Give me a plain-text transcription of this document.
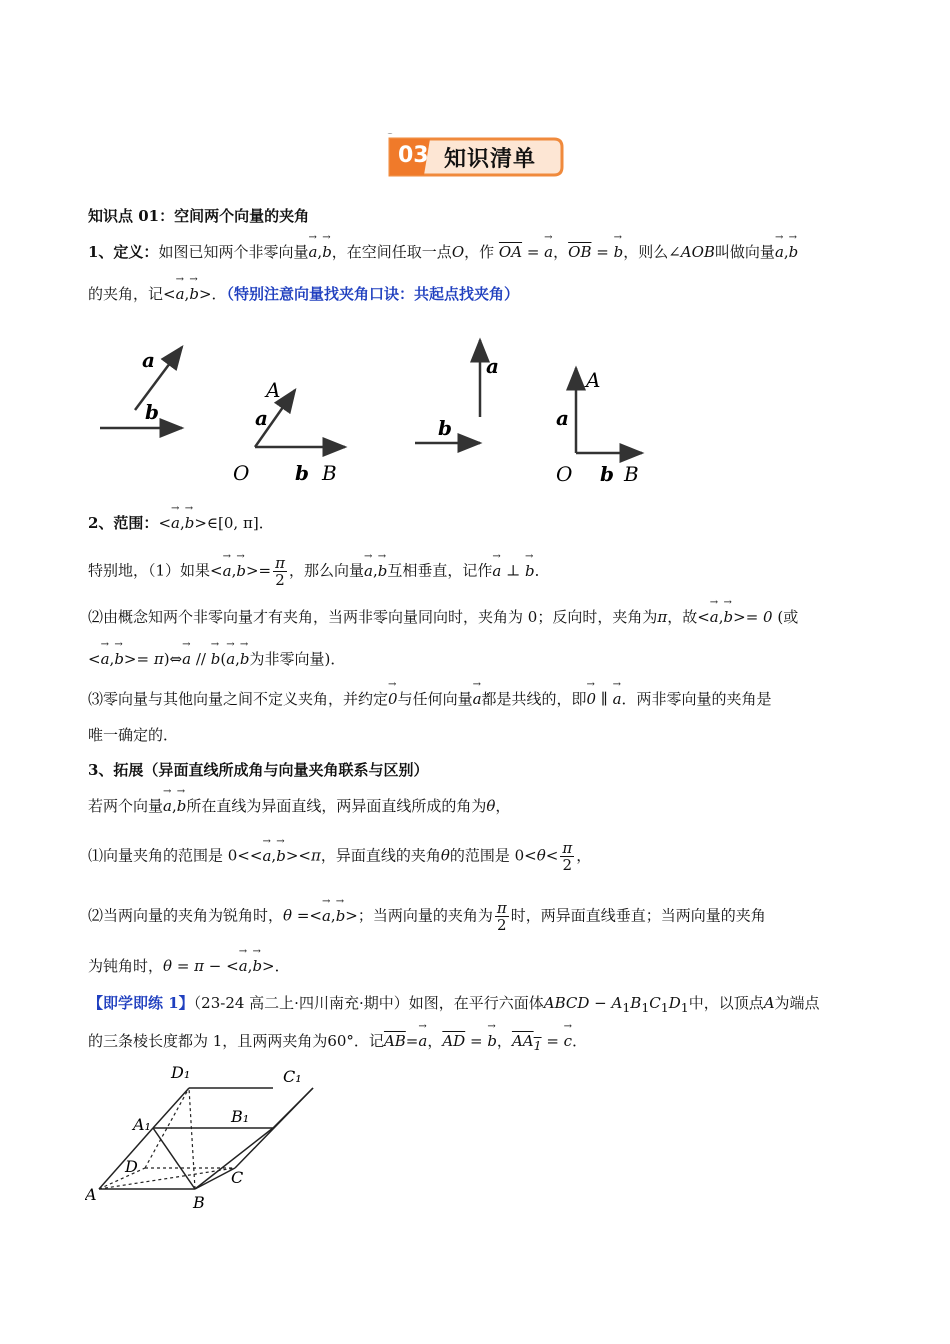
03 知识清单
知识点 01：空间两个向量的夹角
1、定义：如图已知两个非零向量→ a,→ b，在空间任取一点O，作 $\overline{OA}$ = → a，$\overline{OB}$ = → b，则么∠AOB叫做向量→ a,→ b
的夹角，记<→ a,→ b>．（特别注意向量找夹角口诀：共起点找夹角）
a
b
A
a
O b B
a
b
A
a
O b B
2、范围：<→ a,→ b>∈[0, π]．
特别地，（1）如果<→ $a,\to b>= \frac{\pi}{2}$ ，那么向量→ a,→ b互相垂直，记作→ a ⊥ → b．
⑵由概念知两个非零向量才有夹角，当两非零向量同向时，夹角为 0；反向时，夹角为π，故<→ a,→ b>= 0 (或
<→ a,→ b>= π)⇔→ a // → b(→ a,→ b为非零向量)．
⑶零向量与其他向量之间不定义夹角，并约定→ 0与任何向量→ a都是共线的，即→ 0 ∥ → a．两非零向量的夹角是
唯一确定的．
3、拓展（异面直线所成角与向量夹角联系与区别）
若两个向量→ a,→ b所在直线为异面直线，两异面直线所成的角为θ，
⑴向量夹角的范围是 0<<→ a,→ b><π，异面直线的夹角θ的范围是 $0<\theta< \frac{\pi}{2}$ ，
⑵当两向量的夹角为锐角时，θ =<→ a,→ b>；当两向量的夹角为 $\frac{\pi}{2}$ 时，两异面直线垂直；当两向量的夹角
为钝角时，θ = π − <→ a,→ b>．
【即学即练 1】（23-24 高二上·四川南充·期中）如图，在平行六面体ABCD − $A_1B_1C_1D_1$中，以顶点A为端点
的三条棱长度都为 1，且两两夹角为60°．记$\overline{AB}=\to a$，$\overline{AD}$ = → b，$AA_1$ = → c．
A	B
C
D
A₁	B₁
C₁
D₁
